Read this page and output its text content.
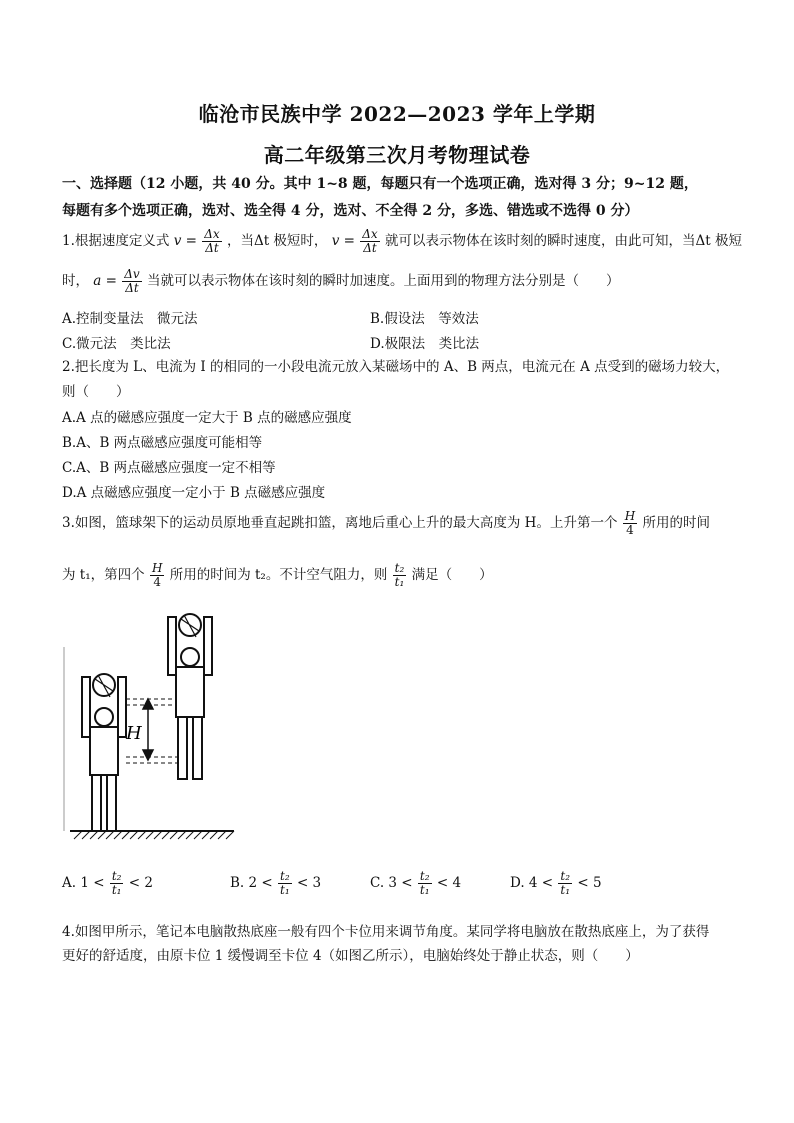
临沧市民族中学 2022—2023 学年上学期
高二年级第三次月考物理试卷
一、选择题（12 小题，共 40 分。其中 1~8 题，每题只有一个选项正确，选对得 3 分；9~12 题，
每题有多个选项正确，选对、选全得 4 分，选对、不全得 2 分，多选、错选或不选得 0 分）
1.根据速度定义式 $v = \frac{\Delta x}{\Delta t}$ ，当Δt 极短时， $v = \frac{\Delta x}{\Delta t}$ 就可以表示物体在该时刻的瞬时速度，由此可知，当Δt 极短
时， $a = \frac{\Delta v}{\Delta t}$ 当就可以表示物体在该时刻的瞬时加速度。上面用到的物理方法分别是（　　）
A.控制变量法　微元法	B.假设法　等效法
C.微元法　类比法	D.极限法　类比法
2.把长度为 L、电流为 I 的相同的一小段电流元放入某磁场中的 A、B 两点，电流元在 A 点受到的磁场力较大，
则（　　）
A.A 点的磁感应强度一定大于 B 点的磁感应强度
B.A、B 两点磁感应强度可能相等
C.A、B 两点磁感应强度一定不相等
D.A 点磁感应强度一定小于 B 点磁感应强度
3.如图，篮球架下的运动员原地垂直起跳扣篮，离地后重心上升的最大高度为 H。上升第一个 $\frac{H}{4}$ 所用的时间
为 t₁，第四个 $\frac{H}{4}$ 所用的时间为 t₂。不计空气阻力，则 $\frac{\text{t₂}}{\text{t₁}}$ 满足（　　）
H
A. $1 < \frac{\text{t₂}}{\text{t₁}} < 2$	B. $2 < \frac{\text{t₂}}{\text{t₁}} < 3$	C. $3 < \frac{\text{t₂}}{\text{t₁}} < 4$	D. $4 < \frac{\text{t₂}}{\text{t₁}} < 5$
4.如图甲所示，笔记本电脑散热底座一般有四个卡位用来调节角度。某同学将电脑放在散热底座上，为了获得
更好的舒适度，由原卡位 1 缓慢调至卡位 4（如图乙所示），电脑始终处于静止状态，则（　　）
